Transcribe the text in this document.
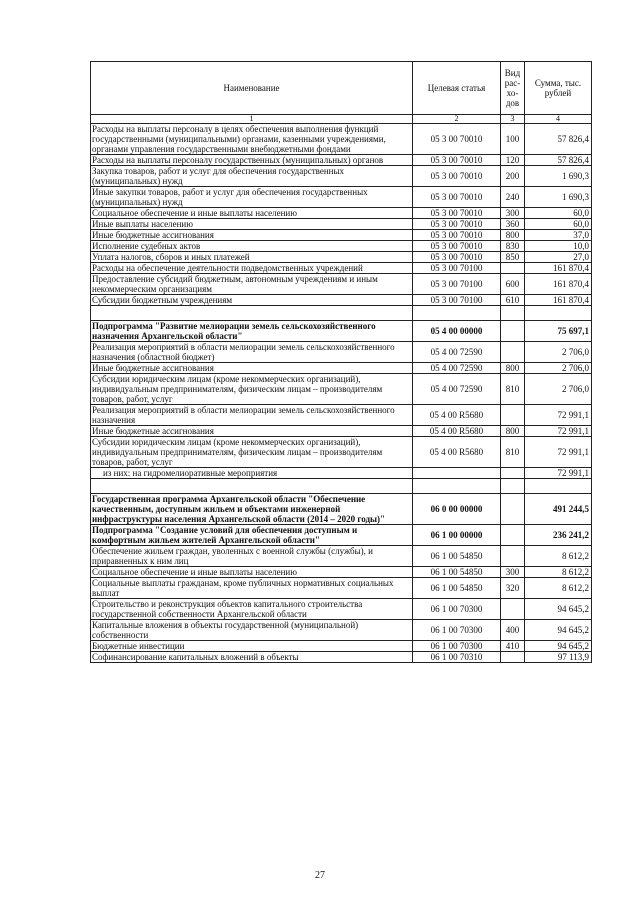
Наименование	Целевая статья	Вид рас-хо-дов	Сумма, тыс. рублей
1	2	3	4
Расходы на выплаты персоналу в целях обеспечения выполнения функций государственными (муниципальными) органами, казенными учреждениями, органами управления государственными внебюджетными фондами	05 3 00 70010	100	57 826,4
Расходы на выплаты персоналу государственных (муниципальных) органов	05 3 00 70010	120	57 826,4
Закупка товаров, работ и услуг для обеспечения государственных (муниципальных) нужд	05 3 00 70010	200	1 690,3
Иные закупки товаров, работ и услуг для обеспечения государственных (муниципальных) нужд	05 3 00 70010	240	1 690,3
Социальное обеспечение и иные выплаты населению	05 3 00 70010	300	60,0
Иные выплаты населению	05 3 00 70010	360	60,0
Иные бюджетные ассигнования	05 3 00 70010	800	37,0
Исполнение судебных актов	05 3 00 70010	830	10,0
Уплата налогов, сборов и иных платежей	05 3 00 70010	850	27,0
Расходы на обеспечение деятельности подведомственных учреждений	05 3 00 70100		161 870,4
Предоставление субсидий бюджетным, автономным учреждениям и иным некоммерческим организациям	05 3 00 70100	600	161 870,4
Субсидии бюджетным учреждениям	05 3 00 70100	610	161 870,4

Подпрограмма "Развитие мелиорации земель сельскохозяйственного назначения Архангельской области"	05 4 00 00000		75 697,1
Реализация мероприятий в области мелиорации земель сельскохозяйственного назначения (областной бюджет)	05 4 00 72590		2 706,0
Иные бюджетные ассигнования	05 4 00 72590	800	2 706,0
Субсидии юридическим лицам (кроме некоммерческих организаций), индивидуальным предпринимателям, физическим лицам – производителям товаров, работ, услуг	05 4 00 72590	810	2 706,0
Реализация мероприятий в области мелиорации земель сельскохозяйственного назначения	05 4 00 R5680		72 991,1
Иные бюджетные ассигнования	05 4 00 R5680	800	72 991,1
Субсидии юридическим лицам (кроме некоммерческих организаций), индивидуальным предпринимателям, физическим лицам – производителям товаров, работ, услуг	05 4 00 R5680	810	72 991,1
из них: на гидромелиоративные мероприятия			72 991,1

Государственная программа Архангельской области "Обеспечение качественным, доступным жильем и объектами инженерной инфраструктуры населения Архангельской области (2014 – 2020 годы)"	06 0 00 00000		491 244,5
Подпрограмма "Создание условий для обеспечения доступным и комфортным жильем жителей Архангельской области"	06 1 00 00000		236 241,2
Обеспечение жильем граждан, уволенных с военной службы (службы), и приравненных к ним лиц	06 1 00 54850		8 612,2
Социальное обеспечение и иные выплаты населению	06 1 00 54850	300	8 612,2
Социальные выплаты гражданам, кроме публичных нормативных социальных выплат	06 1 00 54850	320	8 612,2
Строительство и реконструкция объектов капитального строительства государственной собственности Архангельской области	06 1 00 70300		94 645,2
Капитальные вложения в объекты государственной (муниципальной) собственности	06 1 00 70300	400	94 645,2
Бюджетные инвестиции	06 1 00 70300	410	94 645,2
Софинансирование капитальных вложений в объекты	06 1 00 70310		97 113,9
27
